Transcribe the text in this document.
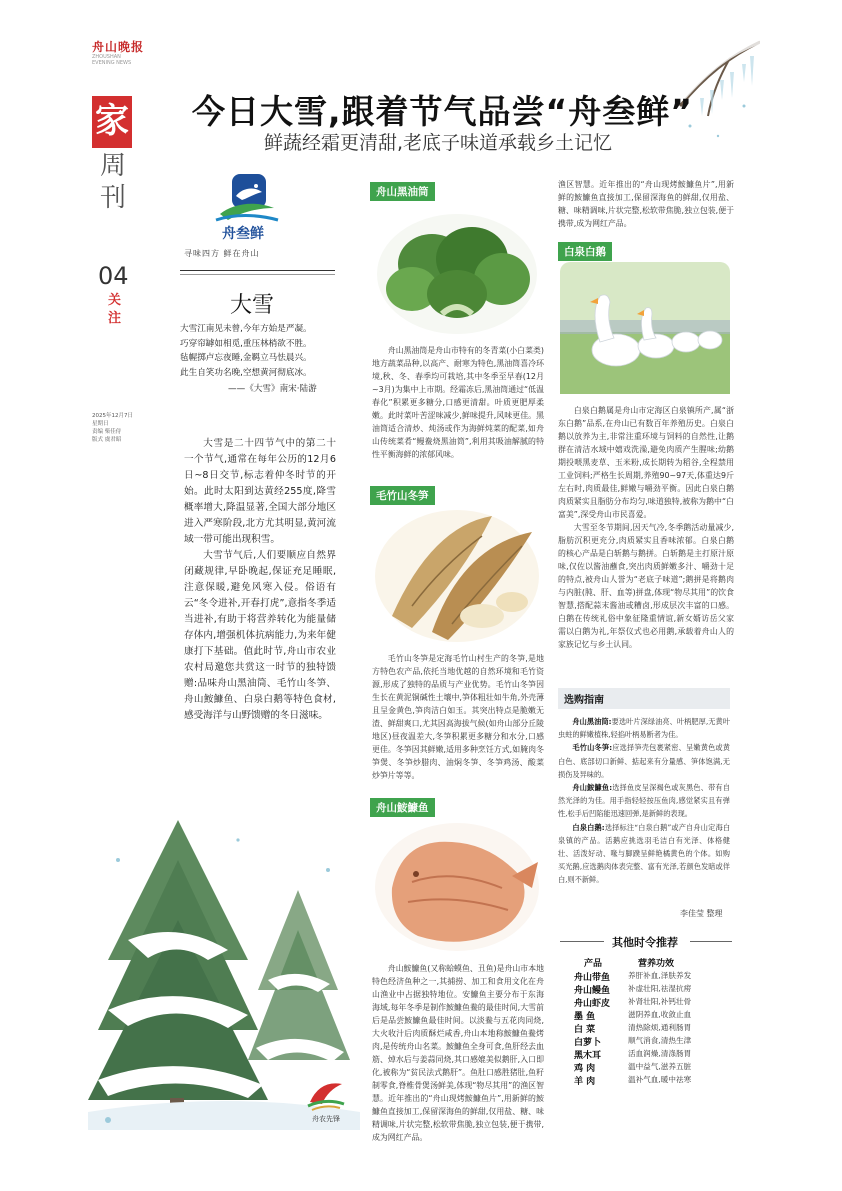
舟山晚报
ZHOUSHAN EVENING NEWS
家
周刊
04
关注
2025年12月7日
星期日
责编 柴佳侍
版式 虞君昭
今日大雪,跟着节气品尝“舟叁鲜”
鲜蔬经霜更清甜,老底子味道承载乡土记忆
舟叁鲜
寻味四方 鲜在舟山
大雪
大雪江南见未曾,今年方始是严凝。
巧穿帘罅如相觅,重压林梢欲不胜。
毡幄掷卢忘夜睡,金羁立马怯晨兴。
此生自笑功名晚,空想黄河彻底冰。
——《大雪》南宋·陆游

大雪是二十四节气中的第二十一个节气,通常在每年公历的12月6日~8日交节,标志着仲冬时节的开始。此时太阳到达黄经255度,降雪概率增大,降温显著,全国大部分地区进入严寒阶段,北方尤其明显,黄河流域一带可能出现积雪。

大雪节气后,人们要顺应自然界闭藏规律,早卧晚起,保证充足睡眠,注意保暖,避免风寒入侵。俗语有云“冬令进补,开春打虎”,意指冬季适当进补,有助于将营养转化为能量储存体内,增强机体抗病能力,为来年健康打下基础。值此时节,舟山市农业农村局邀您共赏这一时节的独特馈赠:品味舟山黑油筒、毛竹山冬笋、舟山鮟鱇鱼、白泉白鹅等特色食材,感受海洋与山野馈赠的冬日滋味。

舟山黑油筒

舟山黑油筒是舟山市特有的冬青菜(小白菜类)地方蔬菜品种,以高产、耐寒为特色,黑油筒喜冷环境,秋、冬、春季均可栽培,其中冬季至早春(12月~3月)为集中上市期。经霜冻后,黑油筒通过“低温春化”积累更多糖分,口感更清甜。叶质更肥厚柔嫩。此时菜叶苦涩味减少,鲜味提升,风味更佳。黑油筒适合清炒、炖汤或作为海鲜炖菜的配菜,如舟山传统菜肴“鳗鲞烧黑油筒”,利用其吸油解腻的特性平衡海鲜的浓郁风味。

毛竹山冬笋

毛竹山冬笋是定海毛竹山村生产的冬笋,是地方特色农产品,依托当地优越的自然环境和毛竹资源,形成了独特的品质与产业优势。毛竹山冬笋因生长在黄泥铜碱性土壤中,笋体粗壮如牛角,外壳薄且呈金黄色,笋肉洁白如玉。其突出特点是脆嫩无渣、鲜甜爽口,尤其因高海拔气候(如舟山部分丘陵地区)昼夜温差大,冬笋积累更多糖分和水分,口感更佳。冬笋因其鲜嫩,适用多种烹饪方式,如腌肉冬笋煲、冬笋炒腊肉、油焖冬笋、冬笋鸡汤、酸菜炒笋片等等。

舟山鮟鱇鱼

舟山鮟鱇鱼(又称蛤蟆鱼、丑鱼)是舟山市本地特色经济鱼种之一,其捕捞、加工和食用文化在舟山渔业中占据独特地位。安鱇鱼主要分布于东海海域,每年冬季是制作鮟鱇鱼鲞的最佳时间,大雪前后是品尝鮟鱇鱼最佳时间。以淡鲞与五花肉同烧,大火收汁后肉质酥烂咸香,舟山本地称鮟鱇鱼鲞烤肉,是传统舟山名菜。鮟鱇鱼全身可食,鱼肝经去血筋、焯水后与姜蒜同烧,其口感媲美似鹅肝,入口即化,被称为“贫民法式鹅肝”。鱼肚口感胜猪肚,鱼籽制零食,脊椎骨煲汤鲜美,体现“物尽其用”的渔区智慧。近年推出的“舟山现烤鮟鱇鱼片”,用新鲜的鮟鱇鱼直接加工,保留深海鱼的鲜甜,仅用盐、糖、味精调味,片状完整,松软带焦脆,独立包装,便于携带,成为网红产品。

白泉白鹅

渔区智慧。近年推出的“舟山现烤鮟鱇鱼片”,用新鲜的鮟鱇鱼直接加工,保留深海鱼的鲜甜,仅用盐、糖、味精调味,片状完整,松软带焦脆,独立包装,便于携带,成为网红产品。

白泉白鹅属是舟山市定海区白泉镇所产,属“浙东白鹅”品系,在舟山已有数百年养殖历史。白泉白鹅以放养为主,非常注重环境与饲料的自然性,让鹅群在清洁水域中嬉戏洗澡,避免肉质产生腥味;幼鹅期投喂黑麦草、玉米粉,成长期转为稻谷,全程禁用工业饲料;严格生长周期,养殖90~97天,体重达9斤左右时,肉质最佳,鲜嫩与嚼劲平衡。因此白泉白鹅肉质紧实且脂肪分布均匀,味道独特,被称为鹅中“白富美”,深受舟山市民喜爱。

大雪至冬节期间,因天气冷,冬季鹅活动量减少,脂肪沉积更充分,肉质紧实且香味浓郁。白泉白鹅的核心产品是白斩鹅与鹅拼。白斩鹅是主打原汁原味,仅佐以酱油蘸食,突出肉质鲜嫩多汁、嚼劲十足的特点,被舟山人誉为“老底子味道”;鹅拼是将鹅肉与内脏(肫、肝、血等)拼盘,体现“物尽其用”的饮食智慧,搭配蒜末酱油或糟卤,形成层次丰富的口感。白鹅在传统礼俗中象征隆重情谊,新女婿访岳父家需以白鹅为礼,年祭仪式也必用鹅,承载着舟山人的家族记忆与乡土认同。

选购指南

舟山黑油筒:要选叶片深绿油亮、叶柄肥厚,无黄叶虫蛀的鲜嫩植株,轻掐叶柄易断者为佳。

毛竹山冬笋:应选择笋壳包裹紧密、呈嫩黄色或黄白色、底部切口新鲜、掂起来有分量感、笋体饱满,无损伤及异味的。

舟山鮟鱇鱼:选择鱼皮呈深褐色或灰黑色、带有自然光泽的为佳。用手指轻轻按压鱼肉,感觉紧实且有弹性,松手后凹陷能迅速回弹,是新鲜的表现。

白泉白鹅:选择标注“白泉白鹅”或产自舟山定海白泉镇的产品。活鹅应挑选羽毛洁白有光泽、体格健壮、活泼好动、喙与脚蹼呈鲜艳橘黄色的个体。如购买光鹅,应选鹅肉体表完整、富有光泽,若颜色发暗或佯白,则不新鲜。

李佳莹 整理
其他时令推荐
产品	营养功效
舟山带鱼	养肝补血,泽肤养发
舟山鳗鱼	补虚壮阳,祛湿抗痨
舟山虾皮	补肾壮阳,补钙壮骨
墨 鱼	滋阴养血,收敛止血
白 菜	清热除烦,通利肠胃
白萝卜	顺气消食,清热生津
黑木耳	活血润燥,清涤肠胃
鸡 肉	温中益气,滋养五脏
羊 肉	温补气血,暖中祛寒
舟农先锋
